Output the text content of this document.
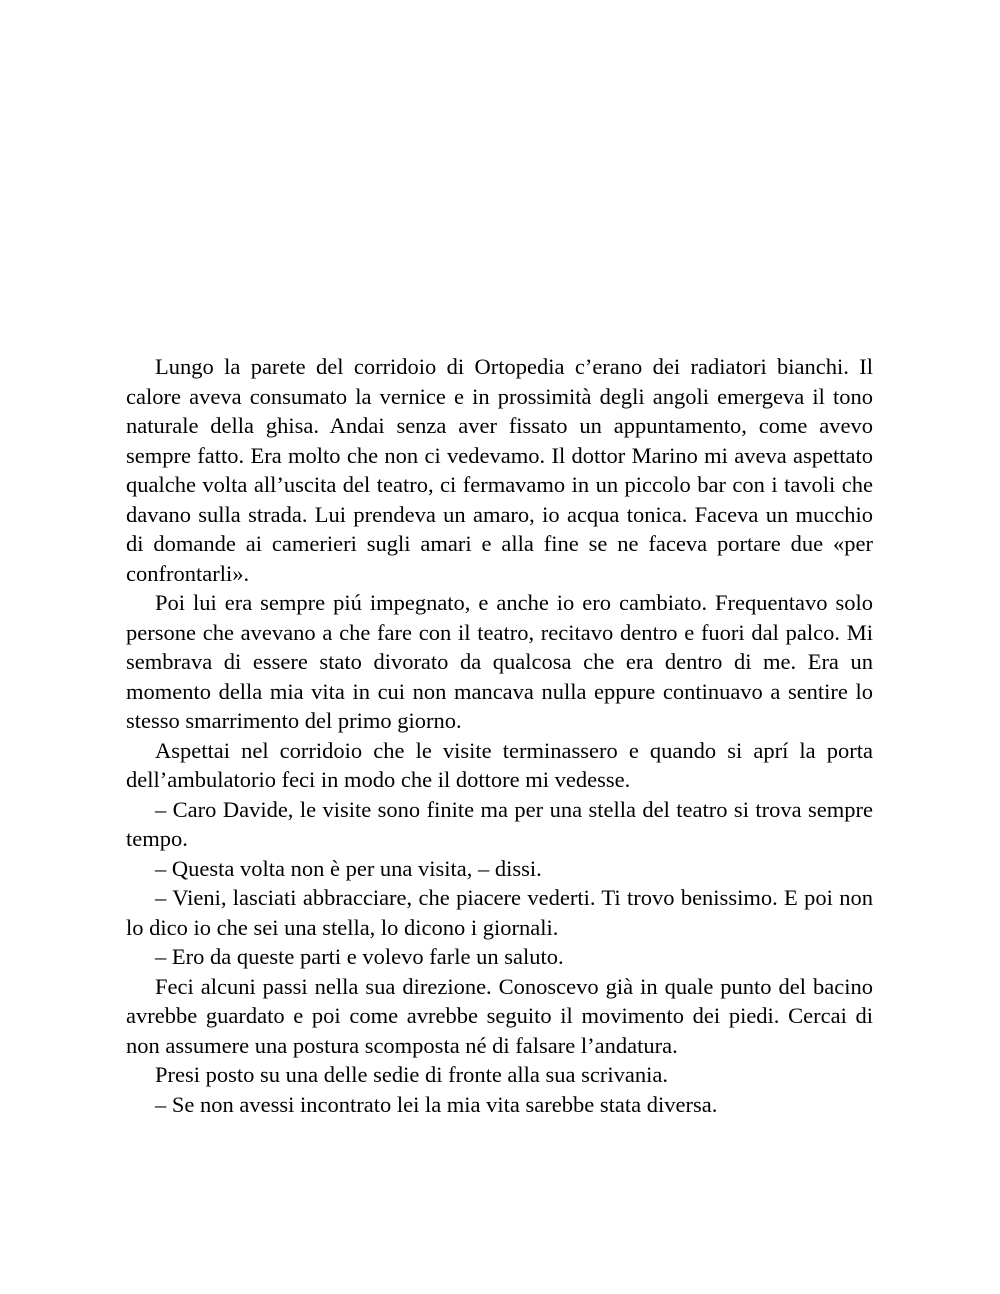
Lungo la parete del corridoio di Ortopedia c’erano dei radiatori bianchi. Il calore aveva consumato la vernice e in prossimità degli angoli emergeva il tono naturale della ghisa. Andai senza aver fissato un appuntamento, come avevo sempre fatto. Era molto che non ci vedevamo. Il dottor Marino mi aveva aspettato qualche volta all’uscita del teatro, ci fermavamo in un piccolo bar con i tavoli che davano sulla strada. Lui prendeva un amaro, io acqua tonica. Faceva un mucchio di domande ai camerieri sugli amari e alla fine se ne faceva portare due «per confrontarli».

Poi lui era sempre piú impegnato, e anche io ero cambiato. Frequentavo solo persone che avevano a che fare con il teatro, recitavo dentro e fuori dal palco. Mi sembrava di essere stato divorato da qualcosa che era dentro di me. Era un momento della mia vita in cui non mancava nulla eppure continuavo a sentire lo stesso smarrimento del primo giorno.

Aspettai nel corridoio che le visite terminassero e quando si aprí la porta dell’ambulatorio feci in modo che il dottore mi vedesse.

– Caro Davide, le visite sono finite ma per una stella del teatro si trova sempre tempo.

– Questa volta non è per una visita, – dissi.

– Vieni, lasciati abbracciare, che piacere vederti. Ti trovo benissimo. E poi non lo dico io che sei una stella, lo dicono i giornali.

– Ero da queste parti e volevo farle un saluto.

Feci alcuni passi nella sua direzione. Conoscevo già in quale punto del bacino avrebbe guardato e poi come avrebbe seguito il movimento dei piedi. Cercai di non assumere una postura scomposta né di falsare l’andatura.

Presi posto su una delle sedie di fronte alla sua scrivania.

– Se non avessi incontrato lei la mia vita sarebbe stata diversa.
